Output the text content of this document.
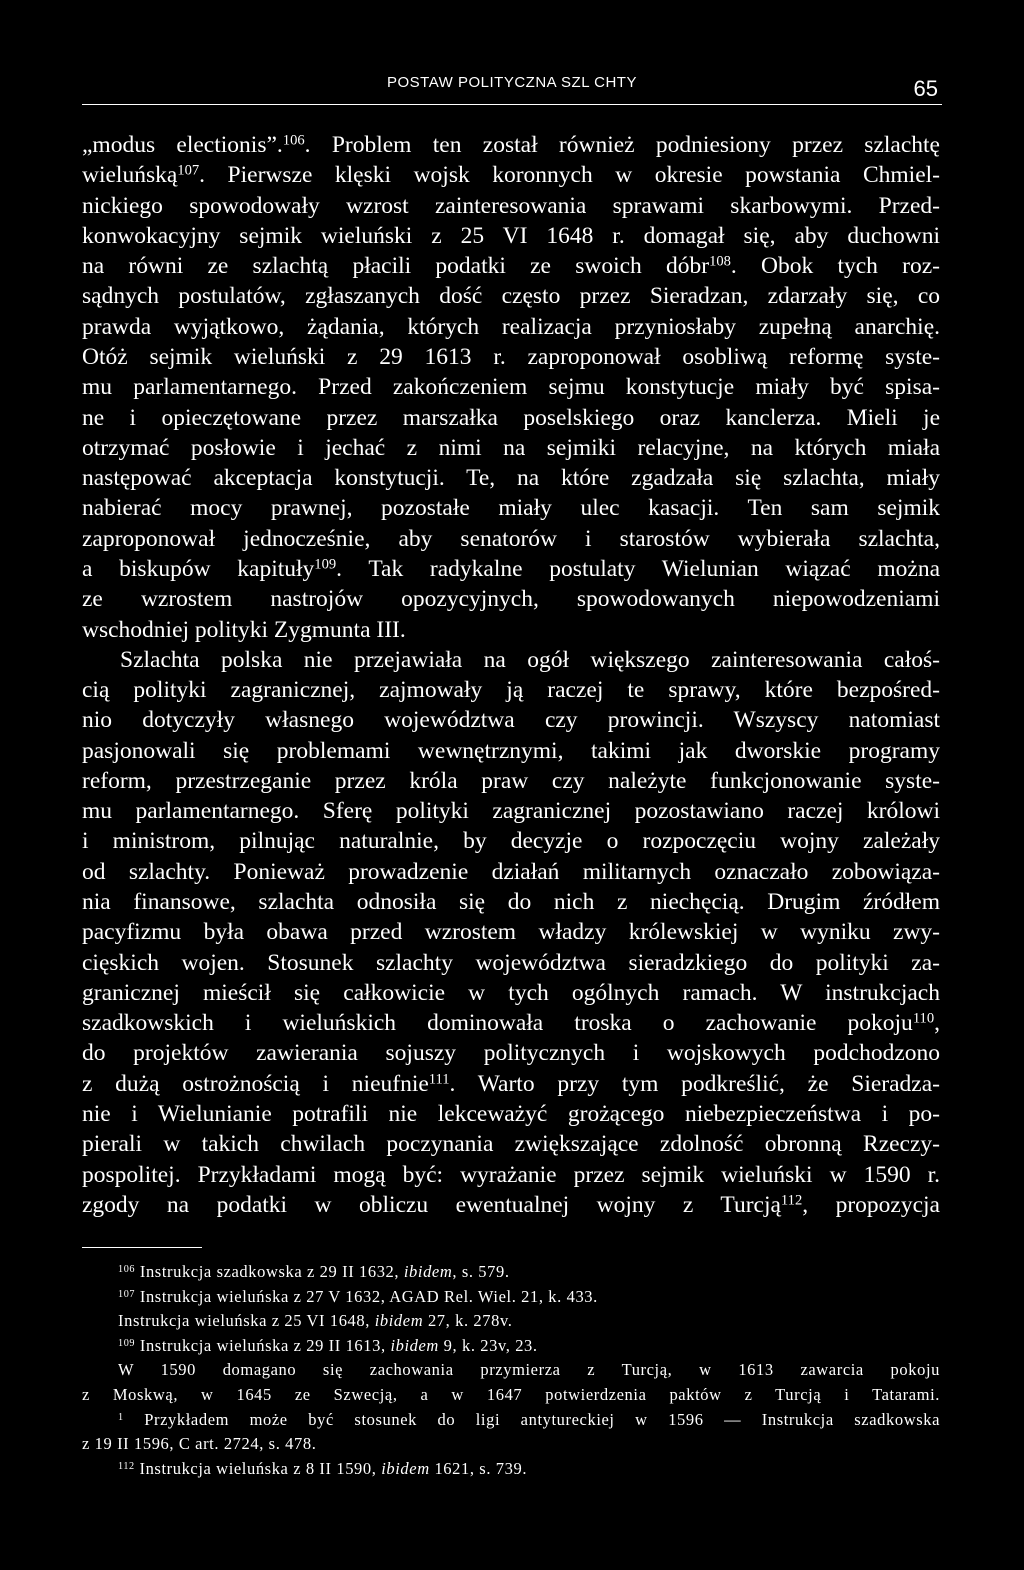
POSTAW POLITYCZNA SZL CHTY	65
„modus electionis”.$^{106}$. Problem ten został również podniesiony przez szlachtę
wieluńską$^{107}$. Pierwsze klęski wojsk koronnych w okresie powstania Chmiel-
nickiego spowodowały wzrost zainteresowania sprawami skarbowymi. Przed-
konwokacyjny sejmik wieluński z 25 VI 1648 r. domagał się, aby duchowni
na równi ze szlachtą płacili podatki ze swoich dóbr$^{108}$. Obok tych roz-
sądnych postulatów, zgłaszanych dość często przez Sieradzan, zdarzały się, co
prawda wyjątkowo, żądania, których realizacja przyniosłaby zupełną anarchię.
Otóż sejmik wieluński z 29 1613 r. zaproponował osobliwą reformę syste-
mu parlamentarnego. Przed zakończeniem sejmu konstytucje miały być spisa-
ne i opieczętowane przez marszałka poselskiego oraz kanclerza. Mieli je
otrzymać posłowie i jechać z nimi na sejmiki relacyjne, na których miała
następować akceptacja konstytucji. Te, na które zgadzała się szlachta, miały
nabierać mocy prawnej, pozostałe miały ulec kasacji. Ten sam sejmik
zaproponował jednocześnie, aby senatorów i starostów wybierała szlachta,
a biskupów kapituły$^{109}$. Tak radykalne postulaty Wielunian wiązać można
ze wzrostem nastrojów opozycyjnych, spowodowanych niepowodzeniami
wschodniej polityki Zygmunta III.
Szlachta polska nie przejawiała na ogół większego zainteresowania całoś-
cią polityki zagranicznej, zajmowały ją raczej te sprawy, które bezpośred-
nio dotyczyły własnego województwa czy prowincji. Wszyscy natomiast
pasjonowali się problemami wewnętrznymi, takimi jak dworskie programy
reform, przestrzeganie przez króla praw czy należyte funkcjonowanie syste-
mu parlamentarnego. Sferę polityki zagranicznej pozostawiano raczej królowi
i ministrom, pilnując naturalnie, by decyzje o rozpoczęciu wojny zależały
od szlachty. Ponieważ prowadzenie działań militarnych oznaczało zobowiąza-
nia finansowe, szlachta odnosiła się do nich z niechęcią. Drugim źródłem
pacyfizmu była obawa przed wzrostem władzy królewskiej w wyniku zwy-
cięskich wojen. Stosunek szlachty województwa sieradzkiego do polityki za-
granicznej mieścił się całkowicie w tych ogólnych ramach. W instrukcjach
szadkowskich i wieluńskich dominowała troska o zachowanie pokoju$^{110}$,
do projektów zawierania sojuszy politycznych i wojskowych podchodzono
z dużą ostrożnością i nieufnie$^{111}$. Warto przy tym podkreślić, że Sieradza-
nie i Wielunianie potrafili nie lekceważyć grożącego niebezpieczeństwa i po-
pierali w takich chwilach poczynania zwiększające zdolność obronną Rzeczy-
pospolitej. Przykładami mogą być: wyrażanie przez sejmik wieluński w 1590 r.
zgody na podatki w obliczu ewentualnej wojny z Turcją$^{112}$, propozycja
$^{106}$ Instrukcja szadkowska z 29 II 1632, ibidem, s. 579.
$^{107}$ Instrukcja wieluńska z 27 V 1632, AGAD Rel. Wiel. 21, k. 433.
Instrukcja wieluńska z 25 VI 1648, ibidem 27, k. 278v.
$^{109}$ Instrukcja wieluńska z 29 II 1613, ibidem 9, k. 23v, 23.
W 1590 domagano się zachowania przymierza z Turcją, w 1613 zawarcia pokoju
z Moskwą, w 1645 ze Szwecją, a w 1647 potwierdzenia paktów z Turcją i Tatarami.
$^1$ Przykładem może być stosunek do ligi antytureckiej w 1596 — Instrukcja szadkowska
z 19 II 1596, C art. 2724, s. 478.
$^{112}$ Instrukcja wieluńska z 8 II 1590, ibidem 1621, s. 739.
